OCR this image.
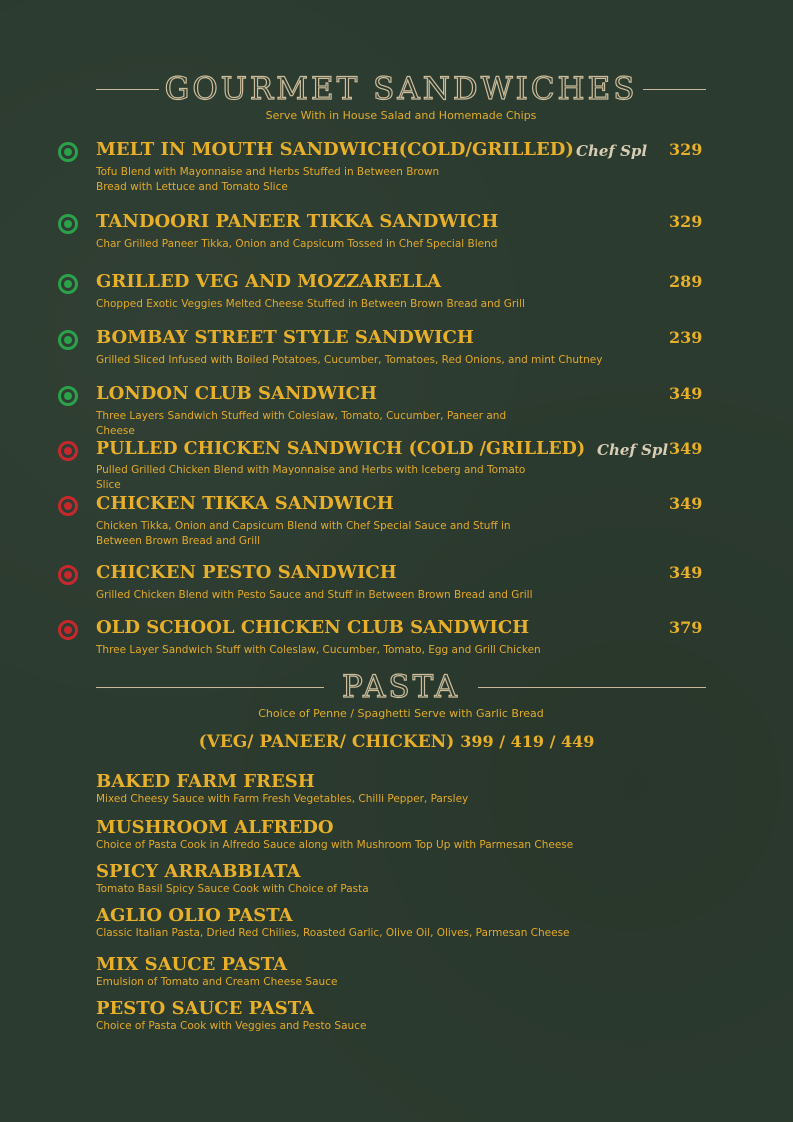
GOURMET SANDWICHES
Serve With in House Salad and Homemade Chips
MELT IN MOUTH SANDWICH(COLD/GRILLED) Chef Spl 329
Tofu Blend with Mayonnaise and Herbs Stuffed in Between Brown Bread with Lettuce and Tomato Slice
TANDOORI PANEER TIKKA SANDWICH	329
Char Grilled Paneer Tikka, Onion and Capsicum Tossed in Chef Special Blend
GRILLED VEG AND MOZZARELLA	289
Chopped Exotic Veggies Melted Cheese Stuffed in Between Brown Bread and Grill
BOMBAY STREET STYLE SANDWICH	239
Grilled Sliced Infused with Boiled Potatoes, Cucumber, Tomatoes, Red Onions, and mint Chutney
LONDON CLUB SANDWICH	349
Three Layers Sandwich Stuffed with Coleslaw, Tomato, Cucumber, Paneer and Cheese
PULLED CHICKEN SANDWICH (COLD /GRILLED) Chef Spl 349
Pulled Grilled Chicken Blend with Mayonnaise and Herbs with Iceberg and Tomato Slice
CHICKEN TIKKA SANDWICH	349
Chicken Tikka, Onion and Capsicum Blend with Chef Special Sauce and Stuff in Between Brown Bread and Grill
CHICKEN PESTO SANDWICH	349
Grilled Chicken Blend with Pesto Sauce and Stuff in Between Brown Bread and Grill
OLD SCHOOL CHICKEN CLUB SANDWICH	379
Three Layer Sandwich Stuff with Coleslaw, Cucumber, Tomato, Egg and Grill Chicken
PASTA
Choice of Penne / Spaghetti Serve with Garlic Bread
(VEG/ PANEER/ CHICKEN) 399 / 419 / 449
BAKED FARM FRESH
Mixed Cheesy Sauce with Farm Fresh Vegetables, Chilli Pepper, Parsley
MUSHROOM ALFREDO
Choice of Pasta Cook in Alfredo Sauce along with Mushroom Top Up with Parmesan Cheese
SPICY ARRABBIATA
Tomato Basil Spicy Sauce Cook with Choice of Pasta
AGLIO OLIO PASTA
Classic Italian Pasta, Dried Red Chilies, Roasted Garlic, Olive Oil, Olives, Parmesan Cheese
MIX SAUCE PASTA
Emulsion of Tomato and Cream Cheese Sauce
PESTO SAUCE PASTA
Choice of Pasta Cook with Veggies and Pesto Sauce
